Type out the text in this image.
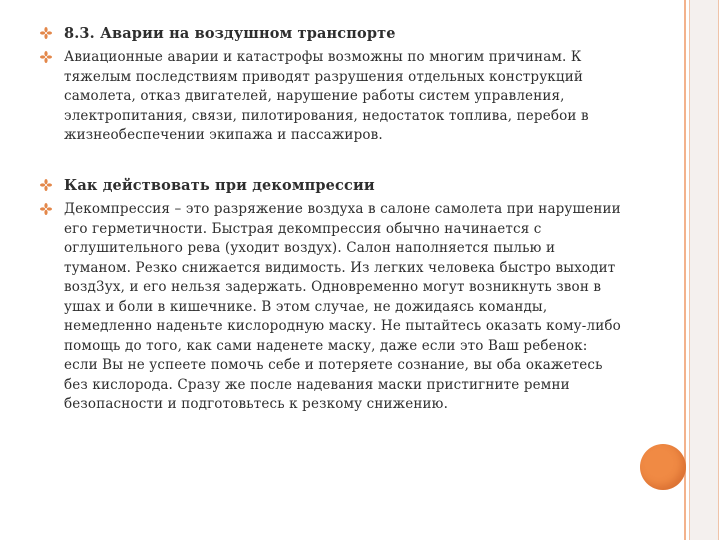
8.3. Аварии на воздушном транспорте

Авиационные аварии и катастрофы возможны по многим причинам. К тяжелым последствиям приводят разрушения отдельных конструкций самолета, отказ двигателей, нарушение работы систем управления, электропитания, связи, пилотирования, недостаток топлива, перебои в жизнеобеспечении экипажа и пассажиров.

Как действовать при декомпрессии

Декомпрессия – это разряжение воздуха в салоне самолета при нарушении его герметичности. Быстрая декомпрессия обычно начинается с оглушительного рева (уходит воздух). Салон наполняется пылью и туманом. Резко снижается видимость. Из легких человека быстро выходит возд3ух, и его нельзя задержать. Одновременно могут возникнуть звон в ушах и боли в кишечнике. В этом случае, не дожидаясь команды, немедленно наденьте кислородную маску. Не пытайтесь оказать кому-либо помощь до того, как сами наденете маску, даже если это Ваш ребенок: если Вы не успеете помочь себе и потеряете сознание, вы оба окажетесь без кислорода. Сразу же после надевания маски пристигните ремни безопасности и подготовьтесь к резкому снижению.
